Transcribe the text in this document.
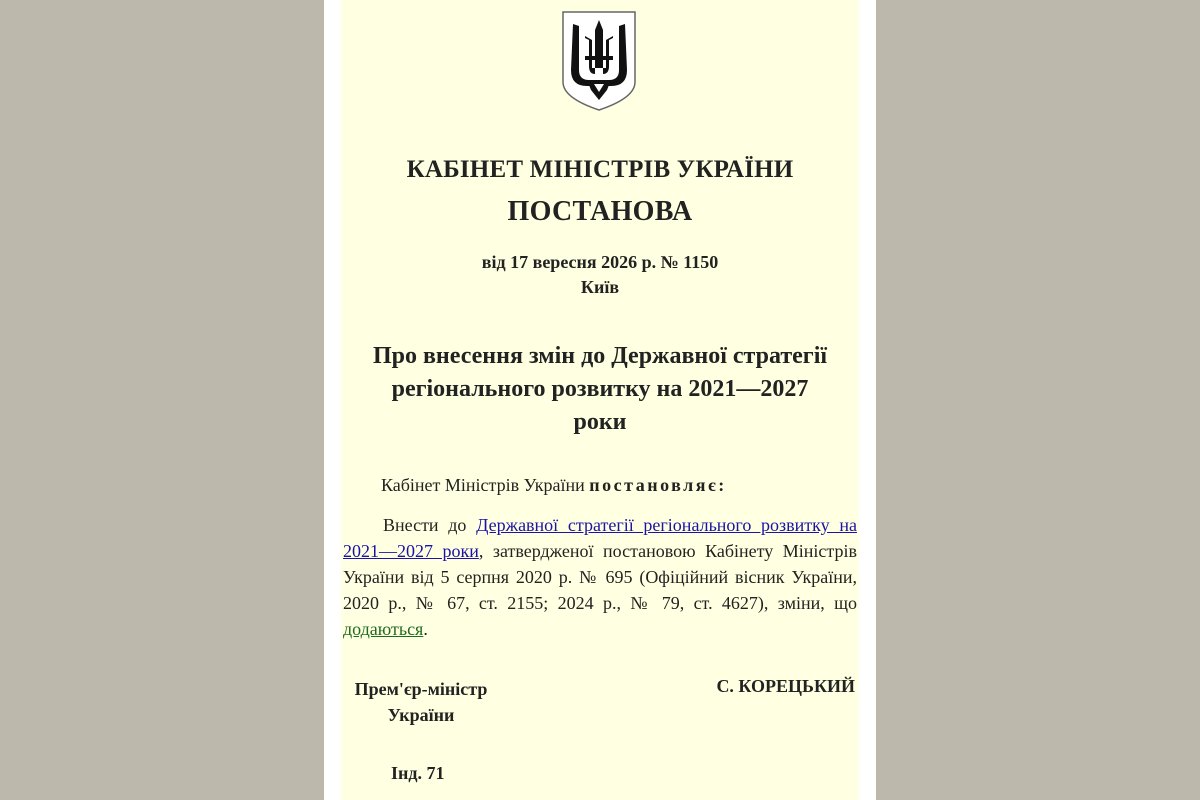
КАБІНЕТ МІНІСТРІВ УКРАЇНИ
ПОСТАНОВА
від 17 вересня 2026 р. № 1150
Київ
Про внесення змін до Державної стратегії регіонального розвитку на 2021—2027 роки
Кабінет Міністрів України постановляє:
Внести до Державної стратегії регіонального розвитку на 2021—2027 роки, затвердженої постановою Кабінету Міністрів України від 5 серпня 2020 р. № 695 (Офіційний вісник України, 2020 р., № 67, ст. 2155; 2024 р., № 79, ст. 4627), зміни, що додаються.
Прем'єр-міністр
України
С. КОРЕЦЬКИЙ
Інд. 71
